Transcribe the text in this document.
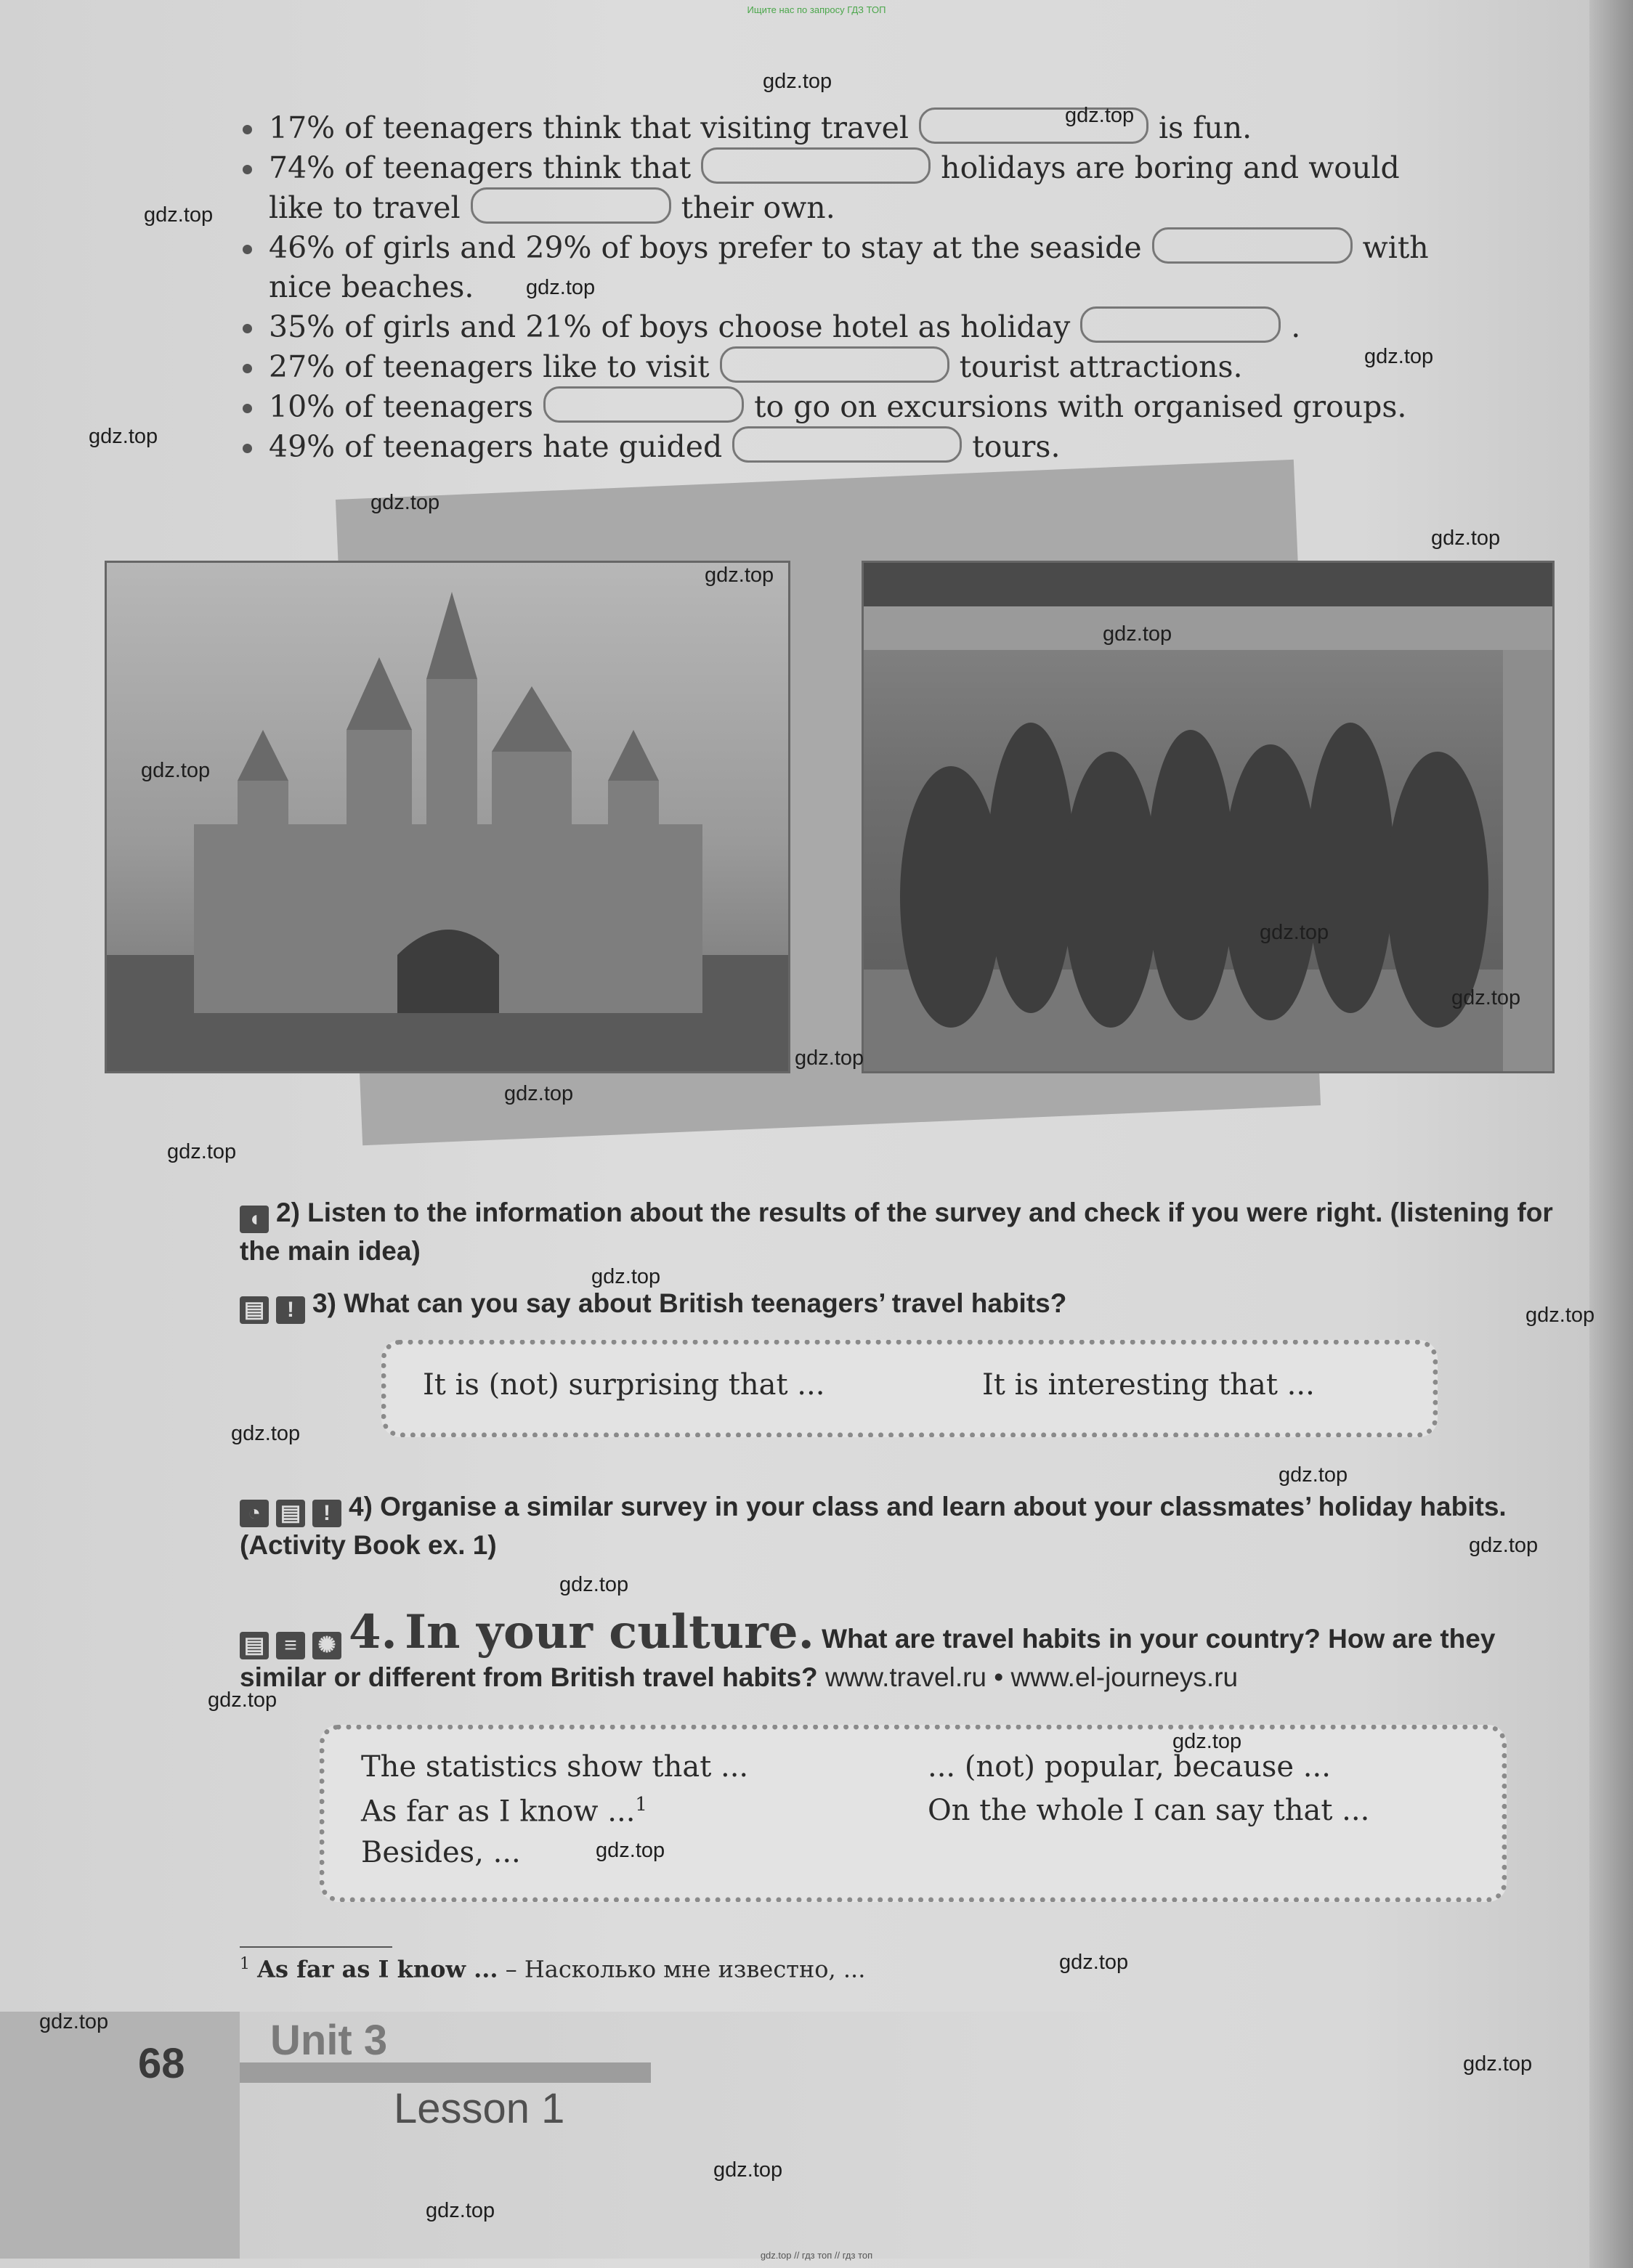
Ищите нас по запросу ГДЗ ТОП
17% of teenagers think that visiting travel	is fun.
74% of teenagers think that	holidays are boring and would
like to travel	their own.
46% of girls and 29% of boys prefer to stay at the seaside	with
nice beaches.
35% of girls and 21% of boys choose hotel as holiday	.
27% of teenagers like to visit	tourist attractions.
10% of teenagers	to go on excursions with organised groups.
49% of teenagers hate guided	tours.
◖ 2) Listen to the information about the results of the survey and check if you were right. (listening for the main idea)
▤ ! 3) What can you say about British teenagers’ travel habits?
It is (not) surprising that ...	It is interesting that ...
◔ ▤ ! 4) Organise a similar survey in your class and learn about your classmates’ holiday habits. (Activity Book ex. 1)
▤ ≡ ✺ 4. In your culture. What are travel habits in your country? How are they similar or different from British travel habits? www.travel.ru • www.el-journeys.ru
The statistics show that ...	... (not) popular, because ...
As far as I know ...$^1$	On the whole I can say that ...
Besides, ...
$^1$ As far as I know ... – Насколько мне известно, ...
68 Unit 3
Lesson 1
gdz.top
gdz.top
gdz.top
gdz.top
gdz.top
gdz.top
gdz.top
gdz.top
gdz.top
gdz.top
gdz.top
gdz.top
gdz.top
gdz.top
gdz.top
gdz.top
gdz.top
gdz.top
gdz.top
gdz.top
gdz.top
gdz.top
gdz.top
gdz.top
gdz.top
gdz.top
gdz.top
gdz.top
gdz.top
gdz.top
gdz.top // гдз топ // гдз топ
